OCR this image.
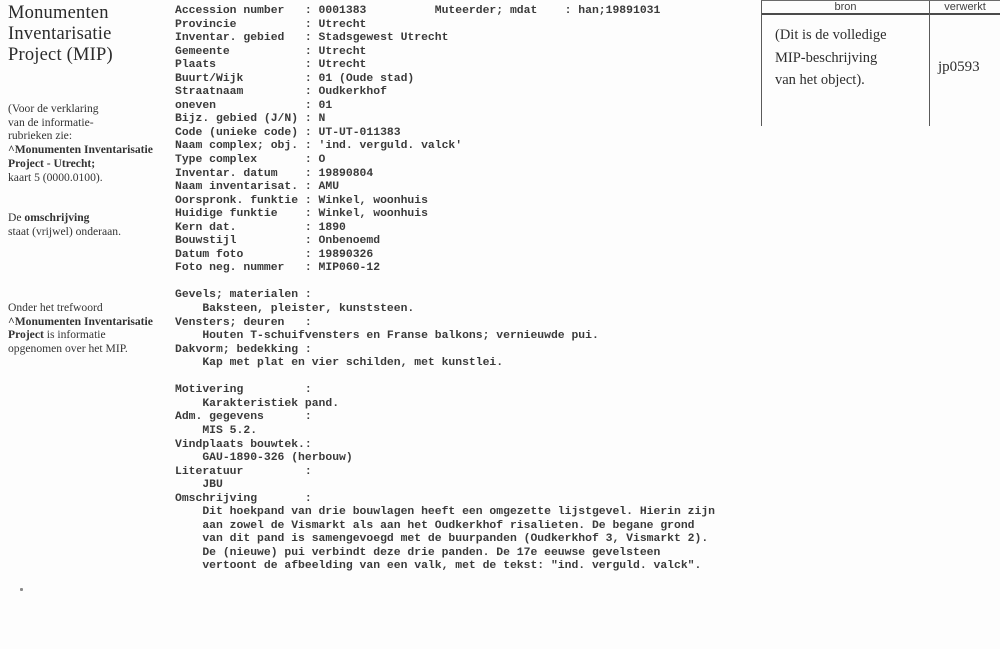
Monumenten
Inventarisatie
Project (MIP)
(Voor de verklaring
van de informatie-
rubrieken zie:
^Monumenten Inventarisatie
Project - Utrecht;
kaart 5 (0000.0100).
De omschrijving
staat (vrijwel) onderaan.
Onder het trefwoord
^Monumenten Inventarisatie
Project is informatie
opgenomen over het MIP.
Accession number   : 0001383          Muteerder; mdat    : han;19891031
Provincie          : Utrecht
Inventar. gebied   : Stadsgewest Utrecht
Gemeente           : Utrecht
Plaats             : Utrecht
Buurt/Wijk         : 01 (Oude stad)
Straatnaam         : Oudkerkhof
oneven             : 01
Bijz. gebied (J/N) : N
Code (unieke code) : UT-UT-011383
Naam complex; obj. : 'ind. verguld. valck'
Type complex       : O
Inventar. datum    : 19890804
Naam inventarisat. : AMU
Oorspronk. funktie : Winkel, woonhuis
Huidige funktie    : Winkel, woonhuis
Kern dat.          : 1890
Bouwstijl          : Onbenoemd
Datum foto         : 19890326
Foto neg. nummer   : MIP060-12

Gevels; materialen :
Baksteen, pleister, kunststeen.
Vensters; deuren   :
Houten T-schuifvensters en Franse balkons; vernieuwde pui.
Dakvorm; bedekking :
Kap met plat en vier schilden, met kunstlei.

Motivering         :
Karakteristiek pand.
Adm. gegevens      :
MIS 5.2.
Vindplaats bouwtek.:
GAU-1890-326 (herbouw)
Literatuur         :
JBU
Omschrijving       :
Dit hoekpand van drie bouwlagen heeft een omgezette lijstgevel. Hierin zijn
aan zowel de Vismarkt als aan het Oudkerkhof risalieten. De begane grond
van dit pand is samengevoegd met de buurpanden (Oudkerkhof 3, Vismarkt 2).
De (nieuwe) pui verbindt deze drie panden. De 17e eeuwse gevelsteen
vertoont de afbeelding van een valk, met de tekst: "ind. verguld. valck".
bron
(Dit is de volledige
MIP-beschrijving
van het object).
verwerkt
jp0593
